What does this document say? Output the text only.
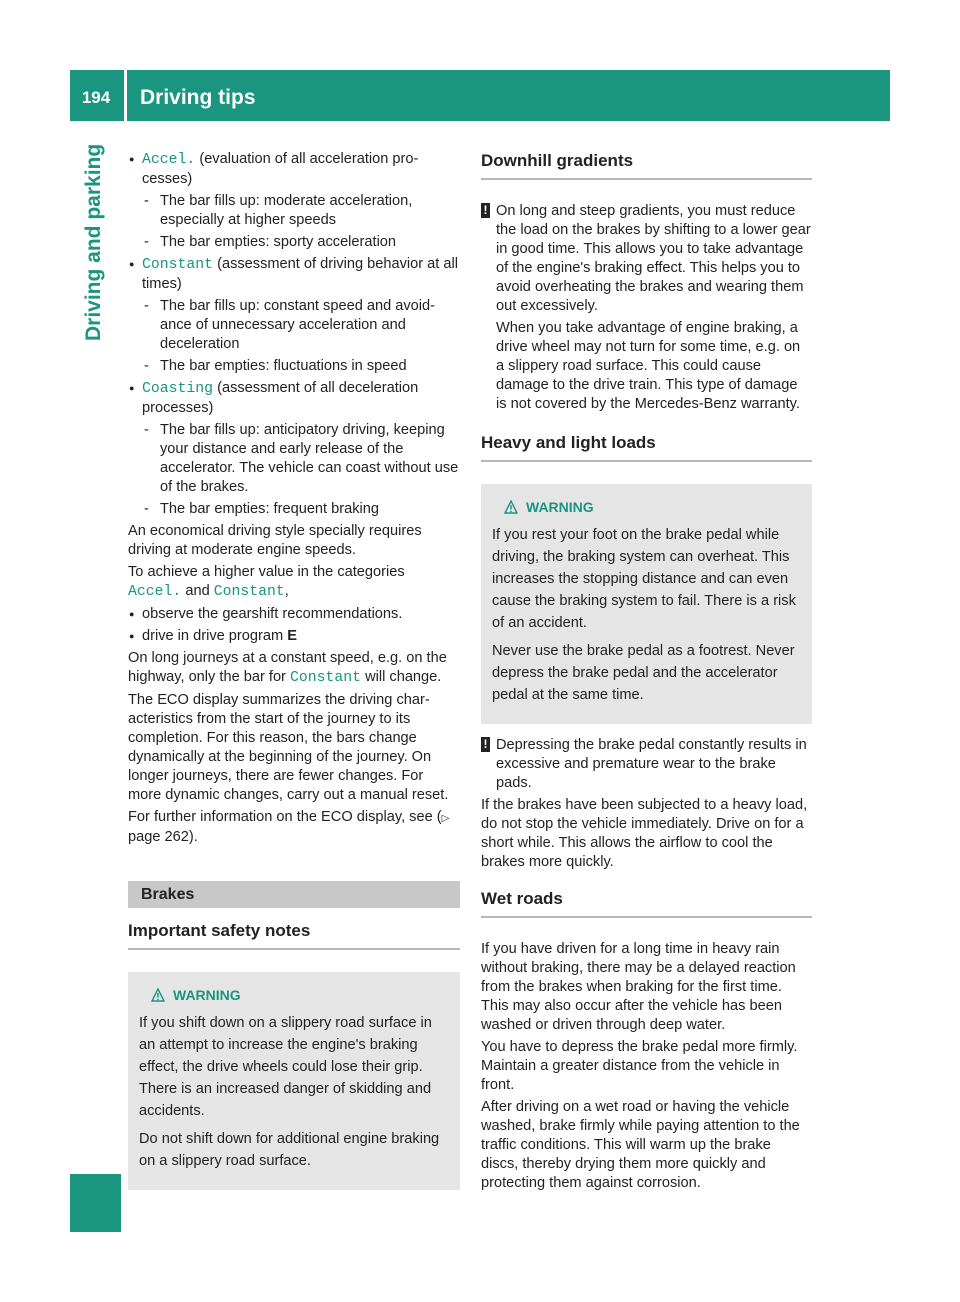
194	Driving tips
Driving and parking

●	Accel. (evaluation of all acceleration processes)

- The bar fills up: moderate acceleration, especially at higher speeds

- The bar empties: sporty acceleration

● Constant (assessment of driving behavior at all times)

- The bar fills up: constant speed and avoidance of unnecessary acceleration and deceleration

- The bar empties: fluctuations in speed

● Coasting (assessment of all deceleration processes)

- The bar fills up: anticipatory driving, keeping your distance and early release of the accelerator. The vehicle can coast without use of the brakes.

- The bar empties: frequent braking

An economical driving style specially requires driving at moderate engine speeds.

To achieve a higher value in the categories Accel. and Constant,

● observe the gearshift recommendations.

● drive in drive program E

On long journeys at a constant speed, e.g. on the highway, only the bar for Constant will change.

The ECO display summarizes the driving characteristics from the start of the journey to its completion. For this reason, the bars change dynamically at the beginning of the journey. On longer journeys, there are fewer changes. For more dynamic changes, carry out a manual reset.

For further information on the ECO display, see (▷ page 262).

Brakes
Important safety notes
WARNING

If you shift down on a slippery road surface in an attempt to increase the engine's braking effect, the drive wheels could lose their grip. There is an increased danger of skidding and accidents.

Do not shift down for additional engine braking on a slippery road surface.

Downhill gradients
! On long and steep gradients, you must reduce the load on the brakes by shifting to a lower gear in good time. This allows you to take advantage of the engine's braking effect. This helps you to avoid overheating the brakes and wearing them out excessively.

When you take advantage of engine braking, a drive wheel may not turn for some time, e.g. on a slippery road surface. This could cause damage to the drive train. This type of damage is not covered by the Mercedes-Benz warranty.

Heavy and light loads
WARNING

If you rest your foot on the brake pedal while driving, the braking system can overheat. This increases the stopping distance and can even cause the braking system to fail. There is a risk of an accident.

Never use the brake pedal as a footrest. Never depress the brake pedal and the accelerator pedal at the same time.

! Depressing the brake pedal constantly results in excessive and premature wear to the brake pads.

If the brakes have been subjected to a heavy load, do not stop the vehicle immediately. Drive on for a short while. This allows the airflow to cool the brakes more quickly.

Wet roads

If you have driven for a long time in heavy rain without braking, there may be a delayed reaction from the brakes when braking for the first time. This may also occur after the vehicle has been washed or driven through deep water.

You have to depress the brake pedal more firmly. Maintain a greater distance from the vehicle in front.

After driving on a wet road or having the vehicle washed, brake firmly while paying attention to the traffic conditions. This will warm up the brake discs, thereby drying them more quickly and protecting them against corrosion.
